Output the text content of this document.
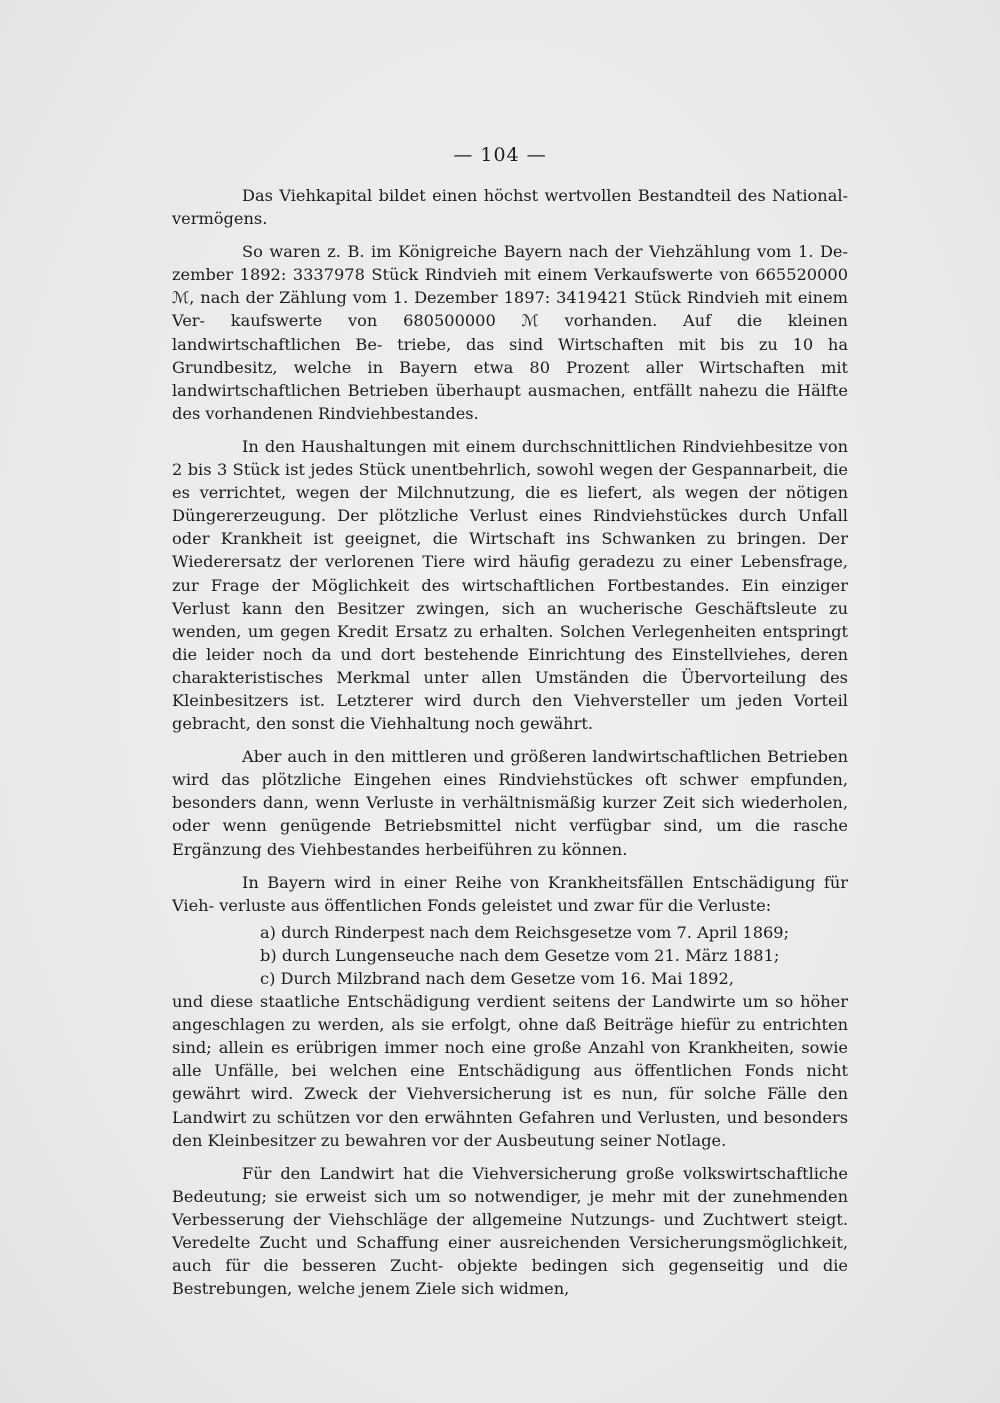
— 104 —

Das Viehkapital bildet einen höchst wertvollen Bestandteil des National- vermögens.

So waren z. B. im Königreiche Bayern nach der Viehzählung vom 1. De- zember 1892: 3337978 Stück Rindvieh mit einem Verkaufswerte von 665520000 ℳ, nach der Zählung vom 1. Dezember 1897: 3419421 Stück Rindvieh mit einem Ver- kaufswerte von 680500000 ℳ vorhanden. Auf die kleinen landwirtschaftlichen Be- triebe, das sind Wirtschaften mit bis zu 10 ha Grundbesitz, welche in Bayern etwa 80 Prozent aller Wirtschaften mit landwirtschaftlichen Betrieben überhaupt ausmachen, entfällt nahezu die Hälfte des vorhandenen Rindviehbestandes.

In den Haushaltungen mit einem durchschnittlichen Rindviehbesitze von 2 bis 3 Stück ist jedes Stück unentbehrlich, sowohl wegen der Gespannarbeit, die es verrichtet, wegen der Milchnutzung, die es liefert, als wegen der nötigen Düngererzeugung. Der plötzliche Verlust eines Rindviehstückes durch Unfall oder Krankheit ist geeignet, die Wirtschaft ins Schwanken zu bringen. Der Wiederersatz der verlorenen Tiere wird häufig geradezu zu einer Lebensfrage, zur Frage der Möglichkeit des wirtschaftlichen Fortbestandes. Ein einziger Verlust kann den Besitzer zwingen, sich an wucherische Geschäftsleute zu wenden, um gegen Kredit Ersatz zu erhalten. Solchen Verlegenheiten entspringt die leider noch da und dort bestehende Einrichtung des Einstellviehes, deren charakteristisches Merkmal unter allen Umständen die Übervorteilung des Kleinbesitzers ist. Letzterer wird durch den Viehversteller um jeden Vorteil gebracht, den sonst die Viehhaltung noch gewährt.

Aber auch in den mittleren und größeren landwirtschaftlichen Betrieben wird das plötzliche Eingehen eines Rindviehstückes oft schwer empfunden, besonders dann, wenn Verluste in verhältnismäßig kurzer Zeit sich wiederholen, oder wenn genügende Betriebsmittel nicht verfügbar sind, um die rasche Ergänzung des Viehbestandes herbeiführen zu können.

In Bayern wird in einer Reihe von Krankheitsfällen Entschädigung für Vieh- verluste aus öffentlichen Fonds geleistet und zwar für die Verluste:

a) durch Rinderpest nach dem Reichsgesetze vom 7. April 1869;
b) durch Lungenseuche nach dem Gesetze vom 21. März 1881;
c) Durch Milzbrand nach dem Gesetze vom 16. Mai 1892,

und diese staatliche Entschädigung verdient seitens der Landwirte um so höher angeschlagen zu werden, als sie erfolgt, ohne daß Beiträge hiefür zu entrichten sind; allein es erübrigen immer noch eine große Anzahl von Krankheiten, sowie alle Unfälle, bei welchen eine Entschädigung aus öffentlichen Fonds nicht gewährt wird. Zweck der Viehversicherung ist es nun, für solche Fälle den Landwirt zu schützen vor den erwähnten Gefahren und Verlusten, und besonders den Kleinbesitzer zu bewahren vor der Ausbeutung seiner Notlage.

Für den Landwirt hat die Viehversicherung große volkswirtschaftliche Bedeutung; sie erweist sich um so notwendiger, je mehr mit der zunehmenden Verbesserung der Viehschläge der allgemeine Nutzungs- und Zuchtwert steigt. Veredelte Zucht und Schaffung einer ausreichenden Versicherungsmöglichkeit, auch für die besseren Zucht- objekte bedingen sich gegenseitig und die Bestrebungen, welche jenem Ziele sich widmen,
